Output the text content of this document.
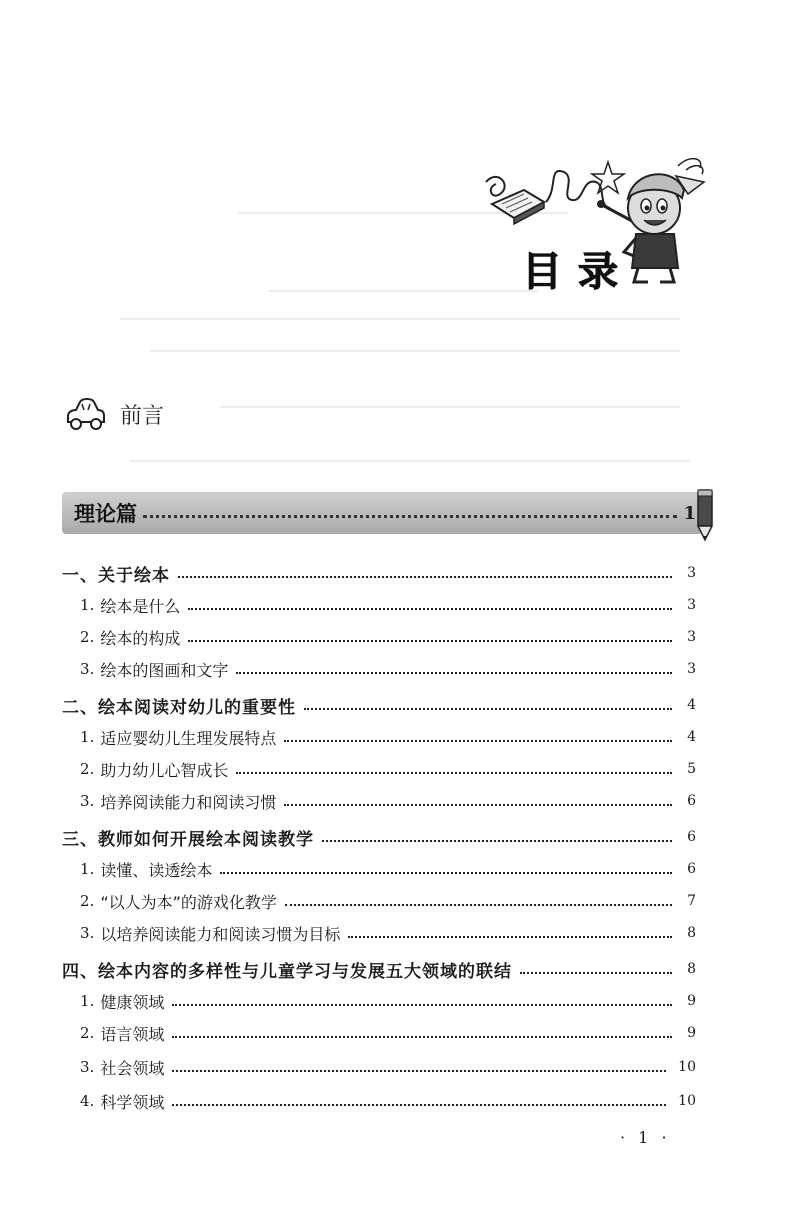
目录
前言
理论篇	1
一、关于绘本	3
1. 绘本是什么	3
2. 绘本的构成	3
3. 绘本的图画和文字	3
二、绘本阅读对幼儿的重要性	4
1. 适应婴幼儿生理发展特点	4
2. 助力幼儿心智成长	5
3. 培养阅读能力和阅读习惯	6
三、教师如何开展绘本阅读教学	6
1. 读懂、读透绘本	6
2. “以人为本”的游戏化教学	7
3. 以培养阅读能力和阅读习惯为目标	8
四、绘本内容的多样性与儿童学习与发展五大领域的联结	8
1. 健康领域	9
2. 语言领域	9
3. 社会领域	10
4. 科学领域	10
· 1 ·
